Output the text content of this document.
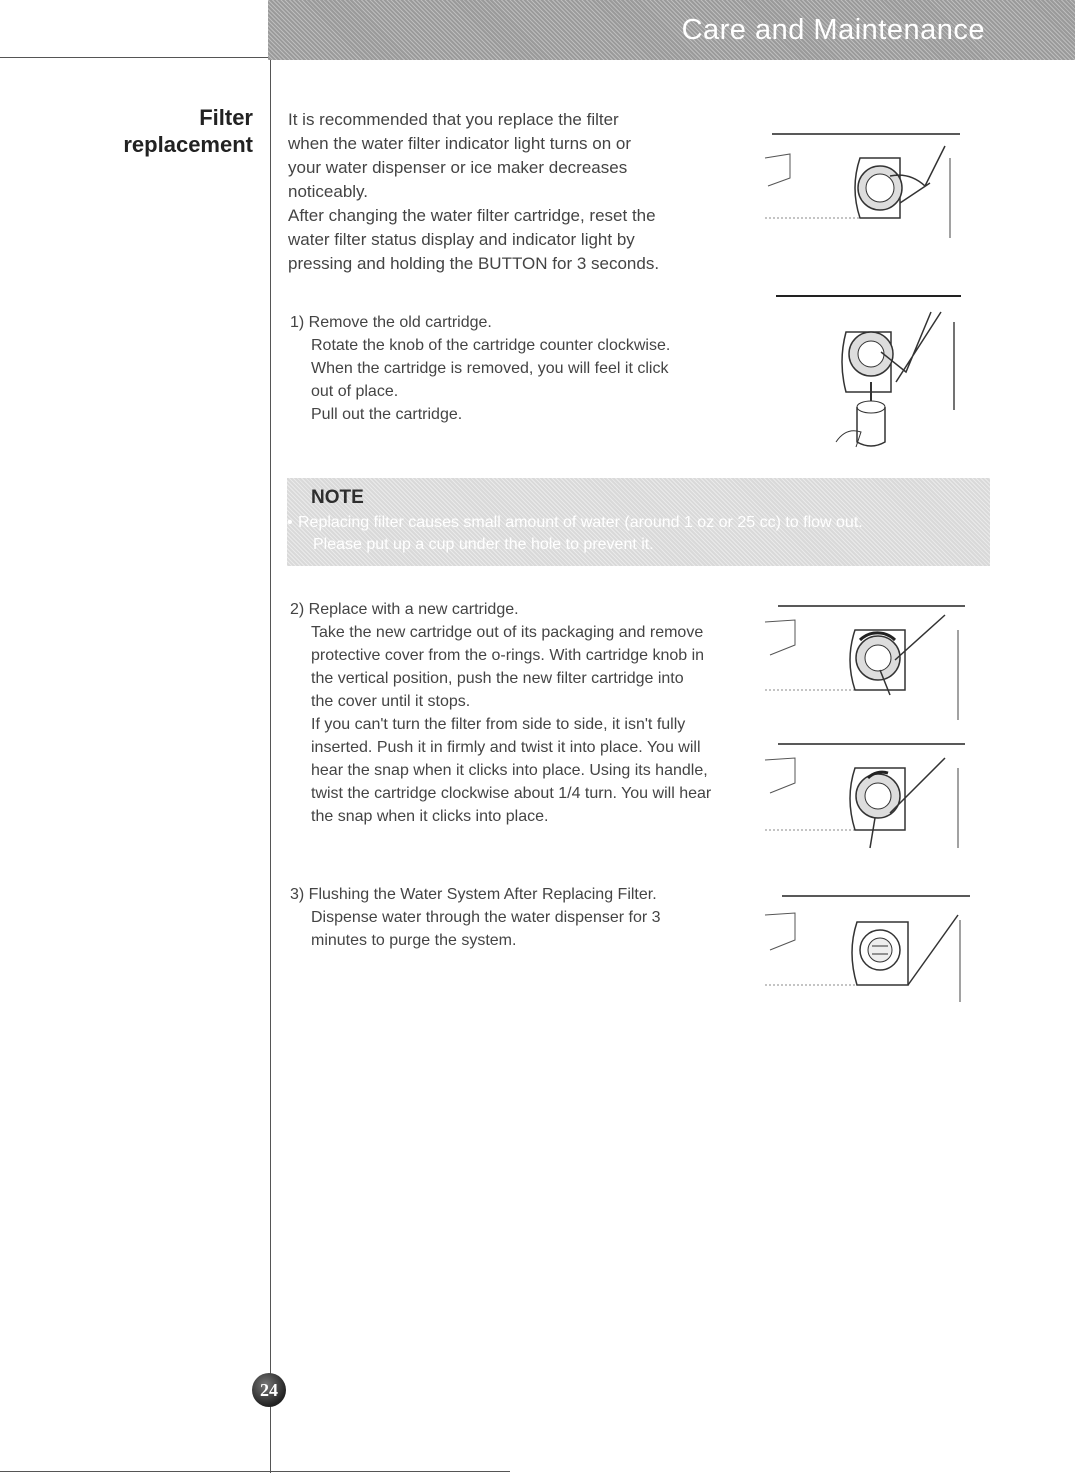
Care and Maintenance
Filter
replacement

It is recommended that you replace the filter
when the water filter indicator light turns on or
your water dispenser or ice maker decreases
noticeably.
After changing the water filter cartridge, reset the
water filter status display and indicator light by
pressing and holding the BUTTON for 3 seconds.

1) Remove the old cartridge.

Rotate the knob of the cartridge counter clockwise.
When the cartridge is removed, you will feel it click
out of place.
Pull out the cartridge.

NOTE

• Replacing filter causes small amount of water (around 1 oz or 25 cc) to flow out.

Please put up a cup under the hole to prevent it.

2) Replace with a new cartridge.

Take the new cartridge out of its packaging and remove
protective cover from the o-rings. With cartridge knob in
the vertical position, push the new filter cartridge into
the cover until it stops.

If you can't turn the filter from side to side, it isn't fully
inserted. Push it in firmly and twist it into place. You will
hear the snap when it clicks into place. Using its handle,
twist the cartridge clockwise about 1/4 turn. You will hear
the snap when it clicks into place.

3) Flushing the Water System After Replacing Filter.

Dispense water through the water dispenser for 3
minutes to purge the system.

24
